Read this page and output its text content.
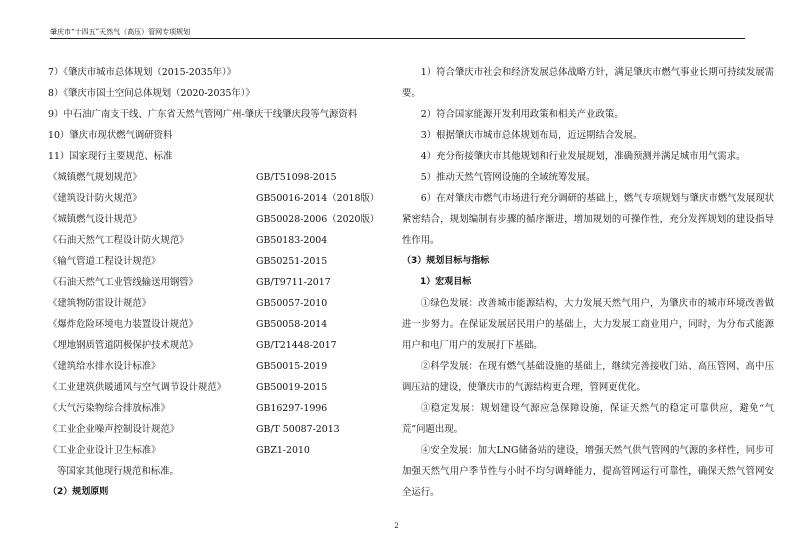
肇庆市“十四五”天然气（高压）管网专项规划
7）《肇庆市城市总体规划（2015-2035年）》
8）《肇庆市国土空间总体规划（2020-2035年）》
9）中石油广南支干线、广东省天然气管网广州-肇庆干线肇庆段等气源资料
10）肇庆市现状燃气调研资料
11）国家现行主要规范、标准
《城镇燃气规划规范》	GB/T51098-2015
《建筑设计防火规范》	GB50016-2014（2018版）
《城镇燃气设计规范》	GB50028-2006（2020版）
《石油天然气工程设计防火规范》	GB50183-2004
《输气管道工程设计规范》	GB50251-2015
《石油天然气工业管线输送用钢管》	GB/T9711-2017
《建筑物防雷设计规范》	GB50057-2010
《爆炸危险环境电力装置设计规范》	GB50058-2014
《埋地钢质管道阴极保护技术规范》	GB/T21448-2017
《建筑给水排水设计标准》	GB50015-2019
《工业建筑供暖通风与空气调节设计规范》	GB50019-2015
《大气污染物综合排放标准》	GB16297-1996
《工业企业噪声控制设计规范》	GB/T 50087-2013
《工业企业设计卫生标准》	GBZ1-2010
等国家其他现行规范和标准。
（2）规划原则

1）符合肇庆市社会和经济发展总体战略方针，满足肇庆市燃气事业长期可持续发展需要。

2）符合国家能源开发利用政策和相关产业政策。

3）根据肇庆市城市总体规划布局，近远期结合发展。

4）充分衔接肇庆市其他规划和行业发展规划，准确预测并满足城市用气需求。

5）推动天然气管网设施的全域统筹发展。

6）在对肇庆市燃气市场进行充分调研的基础上，燃气专项规划与肇庆市燃气发展现状紧密结合，规划编制有步骤的循序渐进，增加规划的可操作性，充分发挥规划的建设指导性作用。

（3）规划目标与指标
1）宏观目标

①绿色发展：改善城市能源结构，大力发展天然气用户，为肇庆市的城市环境改善做进一步努力。在保证发展居民用户的基础上，大力发展工商业用户，同时，为分布式能源用户和电厂用户的发展打下基础。

②科学发展：在现有燃气基础设施的基础上，继续完善接收门站、高压管网、高中压调压站的建设，使肇庆市的气源结构更合理，管网更优化。

③稳定发展：规划建设气源应急保障设施，保证天然气的稳定可靠供应，避免“气荒”问题出现。

④安全发展：加大LNG储备站的建设，增强天然气供气管网的气源的多样性，同步可加强天然气用户季节性与小时不均匀调峰能力，提高管网运行可靠性，确保天然气管网安全运行。

2
